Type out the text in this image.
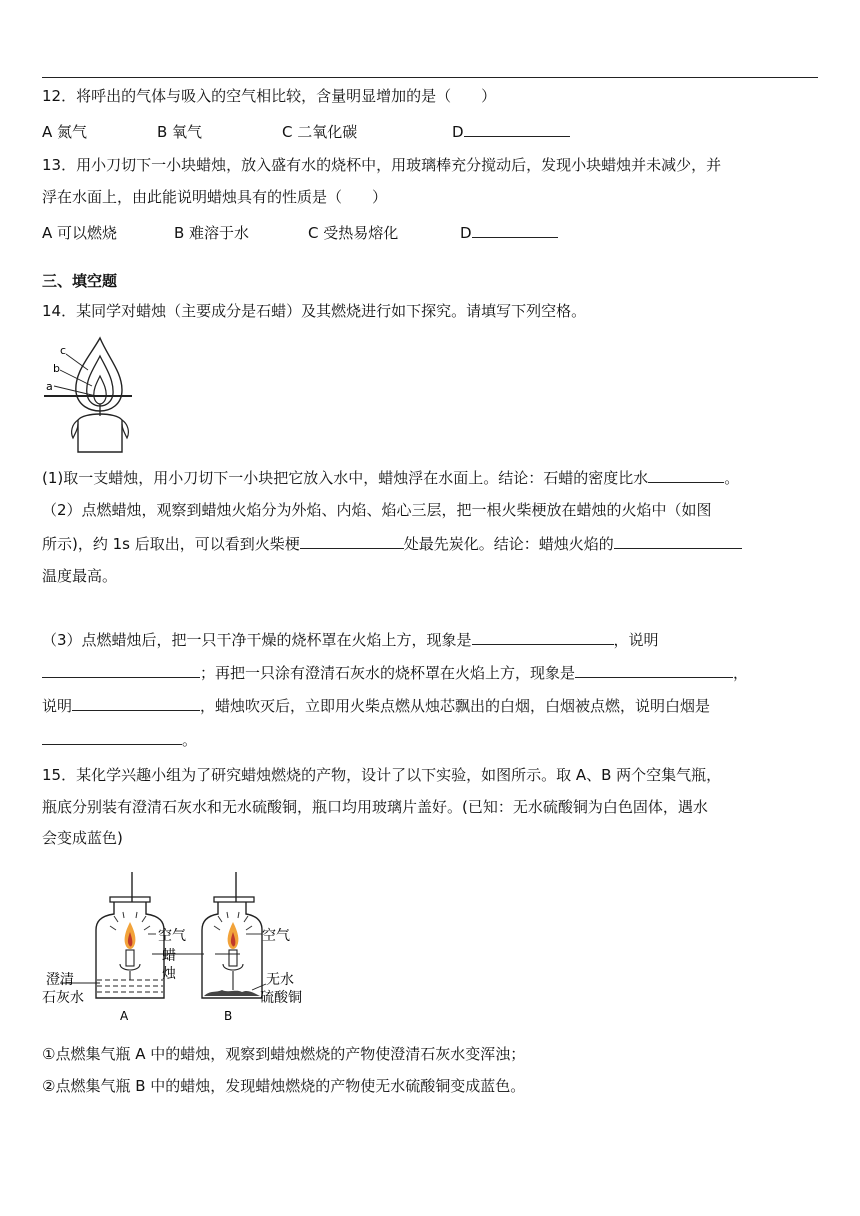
12．将呼出的气体与吸入的空气相比较，含量明显增加的是（　　）
A 氮气	B 氧气	C 二氧化碳	D
13．用小刀切下一小块蜡烛，放入盛有水的烧杯中，用玻璃棒充分搅动后，发现小块蜡烛并未减少，并
浮在水面上，由此能说明蜡烛具有的性质是（　　）
A 可以燃烧	B 难溶于水	C 受热易熔化	D
三、填空题
14．某同学对蜡烛（主要成分是石蜡）及其燃烧进行如下探究。请填写下列空格。
c
b
a
(1)取一支蜡烛，用小刀切下一小块把它放入水中，蜡烛浮在水面上。结论：石蜡的密度比水	。
（2）点燃蜡烛，观察到蜡烛火焰分为外焰、内焰、焰心三层，把一根火柴梗放在蜡烛的火焰中（如图
所示)，约 1s 后取出，可以看到火柴梗	处最先炭化。结论：蜡烛火焰的
温度最高。
（3）点燃蜡烛后，把一只干净干燥的烧杯罩在火焰上方，现象是	，说明
；再把一只涂有澄清石灰水的烧杯罩在火焰上方，现象是	，
说明	，蜡烛吹灭后，立即用火柴点燃从烛芯飘出的白烟，白烟被点燃，说明白烟是
。
15．某化学兴趣小组为了研究蜡烛燃烧的产物，设计了以下实验，如图所示。取 A、B 两个空集气瓶，
瓶底分别装有澄清石灰水和无水硫酸铜，瓶口均用玻璃片盖好。(已知：无水硫酸铜为白色固体，遇水
会变成蓝色)
空气
蜡
烛
空气
澄清
石灰水
无水
硫酸铜
A	B
①点燃集气瓶 A 中的蜡烛，观察到蜡烛燃烧的产物使澄清石灰水变浑浊；
②点燃集气瓶 B 中的蜡烛，发现蜡烛燃烧的产物使无水硫酸铜变成蓝色。
